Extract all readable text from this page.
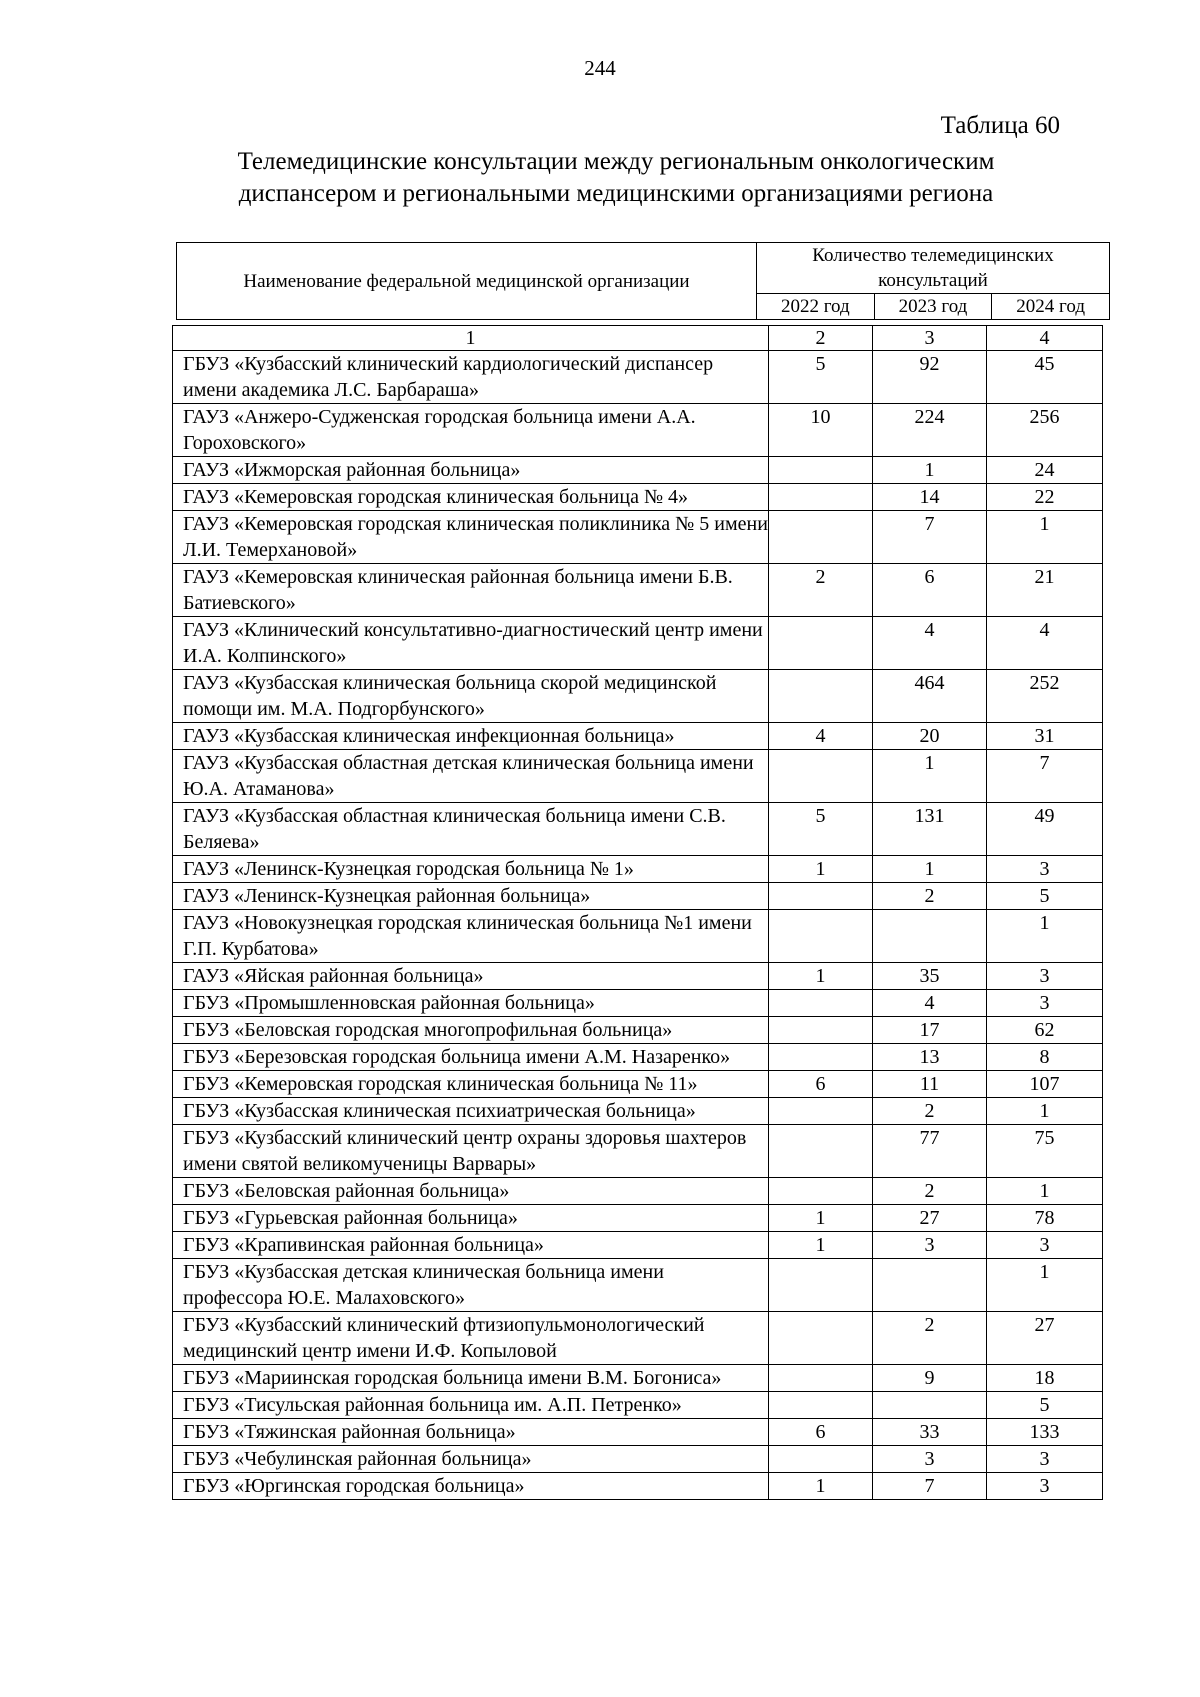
244
Таблица 60
Телемедицинские консультации между региональным онкологическим
диспансером и региональными медицинскими организациями региона
Наименование федеральной медицинской организации	Количество телемедицинских консультаций		
	2022 год	2023 год	2024 год
1	2	3	4
ГБУЗ «Кузбасский клинический кардиологический диспансер имени академика Л.С. Барбараша»	5	92	45
ГАУЗ «Анжеро-Судженская городская больница имени А.А. Гороховского»	10	224	256
ГАУЗ «Ижморская районная больница»		1	24
ГАУЗ «Кемеровская городская клиническая больница № 4»		14	22
ГАУЗ «Кемеровская городская клиническая поликлиника № 5 имени Л.И. Темерхановой»		7	1
ГАУЗ «Кемеровская клиническая районная больница имени Б.В. Батиевского»	2	6	21
ГАУЗ «Клинический консультативно-диагностический центр имени И.А. Колпинского»		4	4
ГАУЗ «Кузбасская клиническая больница скорой медицинской помощи им. М.А. Подгорбунского»		464	252
ГАУЗ «Кузбасская клиническая инфекционная больница»	4	20	31
ГАУЗ «Кузбасская областная детская клиническая больница имени Ю.А. Атаманова»		1	7
ГАУЗ «Кузбасская областная клиническая больница имени С.В. Беляева»	5	131	49
ГАУЗ «Ленинск-Кузнецкая городская больница № 1»	1	1	3
ГАУЗ «Ленинск-Кузнецкая районная больница»		2	5
ГАУЗ «Новокузнецкая городская клиническая больница №1 имени Г.П. Курбатова»			1
ГАУЗ «Яйская районная больница»	1	35	3
ГБУЗ «Промышленновская районная больница»		4	3
ГБУЗ «Беловская городская многопрофильная больница»		17	62
ГБУЗ «Березовская городская больница имени А.М. Назаренко»		13	8
ГБУЗ «Кемеровская городская клиническая больница № 11»	6	11	107
ГБУЗ «Кузбасская клиническая психиатрическая больница»		2	1
ГБУЗ «Кузбасский клинический центр охраны здоровья шахтеров имени святой великомученицы Варвары»		77	75
ГБУЗ «Беловская районная больница»		2	1
ГБУЗ «Гурьевская районная больница»	1	27	78
ГБУЗ «Крапивинская районная больница»	1	3	3
ГБУЗ «Кузбасская детская клиническая больница имени профессора Ю.Е. Малаховского»			1
ГБУЗ «Кузбасский клинический фтизиопульмонологический медицинский центр имени И.Ф. Копыловой		2	27
ГБУЗ «Мариинская городская больница имени В.М. Богониса»		9	18
ГБУЗ «Тисульская районная больница им. А.П. Петренко»			5
ГБУЗ «Тяжинская районная больница»	6	33	133
ГБУЗ «Чебулинская районная больница»		3	3
ГБУЗ «Юргинская городская больница»	1	7	3
